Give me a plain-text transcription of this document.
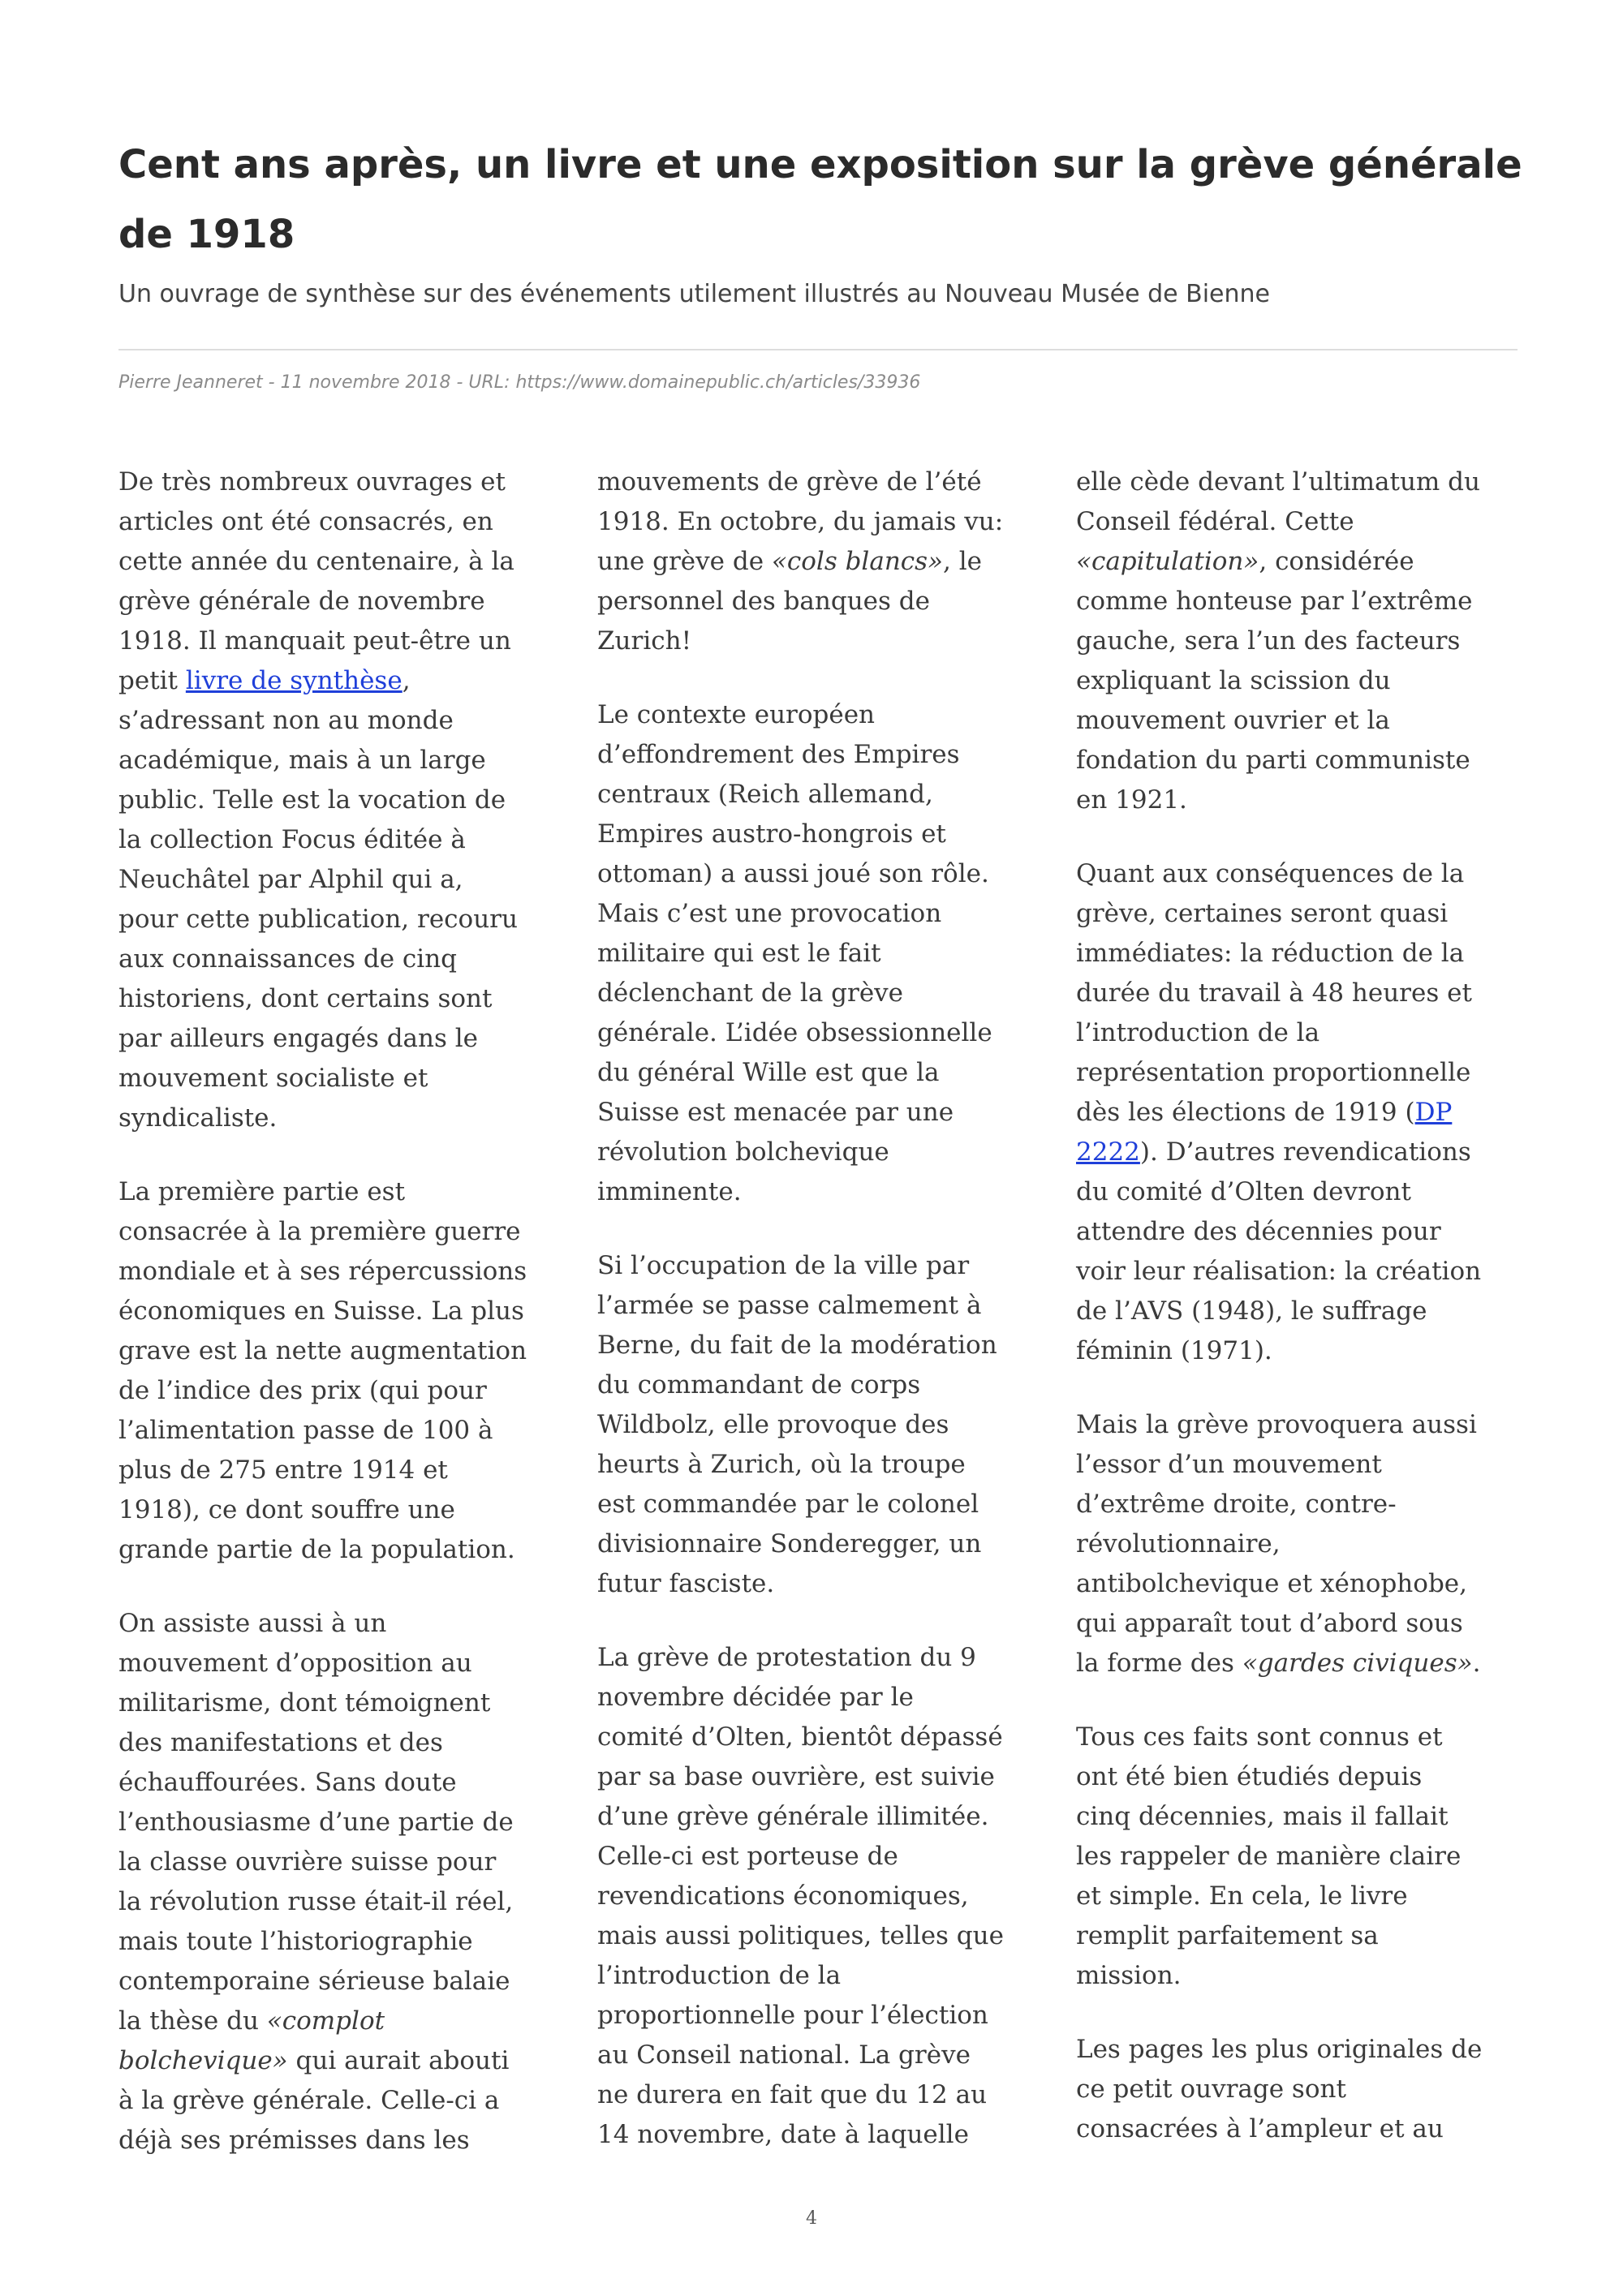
Cent ans après, un livre et une exposition sur la grève générale
de 1918

Un ouvrage de synthèse sur des événements utilement illustrés au Nouveau Musée de Bienne

Pierre Jeanneret - 11 novembre 2018 - URL: https://www.domainepublic.ch/articles/33936

De très nombreux ouvrages et
articles ont été consacrés, en
cette année du centenaire, à la
grève générale de novembre
1918. Il manquait peut-être un
petit livre de synthèse,
s’adressant non au monde
académique, mais à un large
public. Telle est la vocation de
la collection Focus éditée à
Neuchâtel par Alphil qui a,
pour cette publication, recouru
aux connaissances de cinq
historiens, dont certains sont
par ailleurs engagés dans le
mouvement socialiste et
syndicaliste.
La première partie est
consacrée à la première guerre
mondiale et à ses répercussions
économiques en Suisse. La plus
grave est la nette augmentation
de l’indice des prix (qui pour
l’alimentation passe de 100 à
plus de 275 entre 1914 et
1918), ce dont souffre une
grande partie de la population.
On assiste aussi à un
mouvement d’opposition au
militarisme, dont témoignent
des manifestations et des
échauffourées. Sans doute
l’enthousiasme d’une partie de
la classe ouvrière suisse pour
la révolution russe était-il réel,
mais toute l’historiographie
contemporaine sérieuse balaie
la thèse du «complot
bolchevique» qui aurait abouti
à la grève générale. Celle-ci a
déjà ses prémisses dans les
mouvements de grève de l’été
1918. En octobre, du jamais vu:
une grève de «cols blancs», le
personnel des banques de
Zurich!
Le contexte européen
d’effondrement des Empires
centraux (Reich allemand,
Empires austro-hongrois et
ottoman) a aussi joué son rôle.
Mais c’est une provocation
militaire qui est le fait
déclenchant de la grève
générale. L’idée obsessionnelle
du général Wille est que la
Suisse est menacée par une
révolution bolchevique
imminente.
Si l’occupation de la ville par
l’armée se passe calmement à
Berne, du fait de la modération
du commandant de corps
Wildbolz, elle provoque des
heurts à Zurich, où la troupe
est commandée par le colonel
divisionnaire Sonderegger, un
futur fasciste.
La grève de protestation du 9
novembre décidée par le
comité d’Olten, bientôt dépassé
par sa base ouvrière, est suivie
d’une grève générale illimitée.
Celle-ci est porteuse de
revendications économiques,
mais aussi politiques, telles que
l’introduction de la
proportionnelle pour l’élection
au Conseil national. La grève
ne durera en fait que du 12 au
14 novembre, date à laquelle
elle cède devant l’ultimatum du
Conseil fédéral. Cette
«capitulation», considérée
comme honteuse par l’extrême
gauche, sera l’un des facteurs
expliquant la scission du
mouvement ouvrier et la
fondation du parti communiste
en 1921.
Quant aux conséquences de la
grève, certaines seront quasi
immédiates: la réduction de la
durée du travail à 48 heures et
l’introduction de la
représentation proportionnelle
dès les élections de 1919 (DP
2222). D’autres revendications
du comité d’Olten devront
attendre des décennies pour
voir leur réalisation: la création
de l’AVS (1948), le suffrage
féminin (1971).
Mais la grève provoquera aussi
l’essor d’un mouvement
d’extrême droite, contre-
révolutionnaire,
antibolchevique et xénophobe,
qui apparaît tout d’abord sous
la forme des «gardes civiques».
Tous ces faits sont connus et
ont été bien étudiés depuis
cinq décennies, mais il fallait
les rappeler de manière claire
et simple. En cela, le livre
remplit parfaitement sa
mission.
Les pages les plus originales de
ce petit ouvrage sont
consacrées à l’ampleur et au
4
